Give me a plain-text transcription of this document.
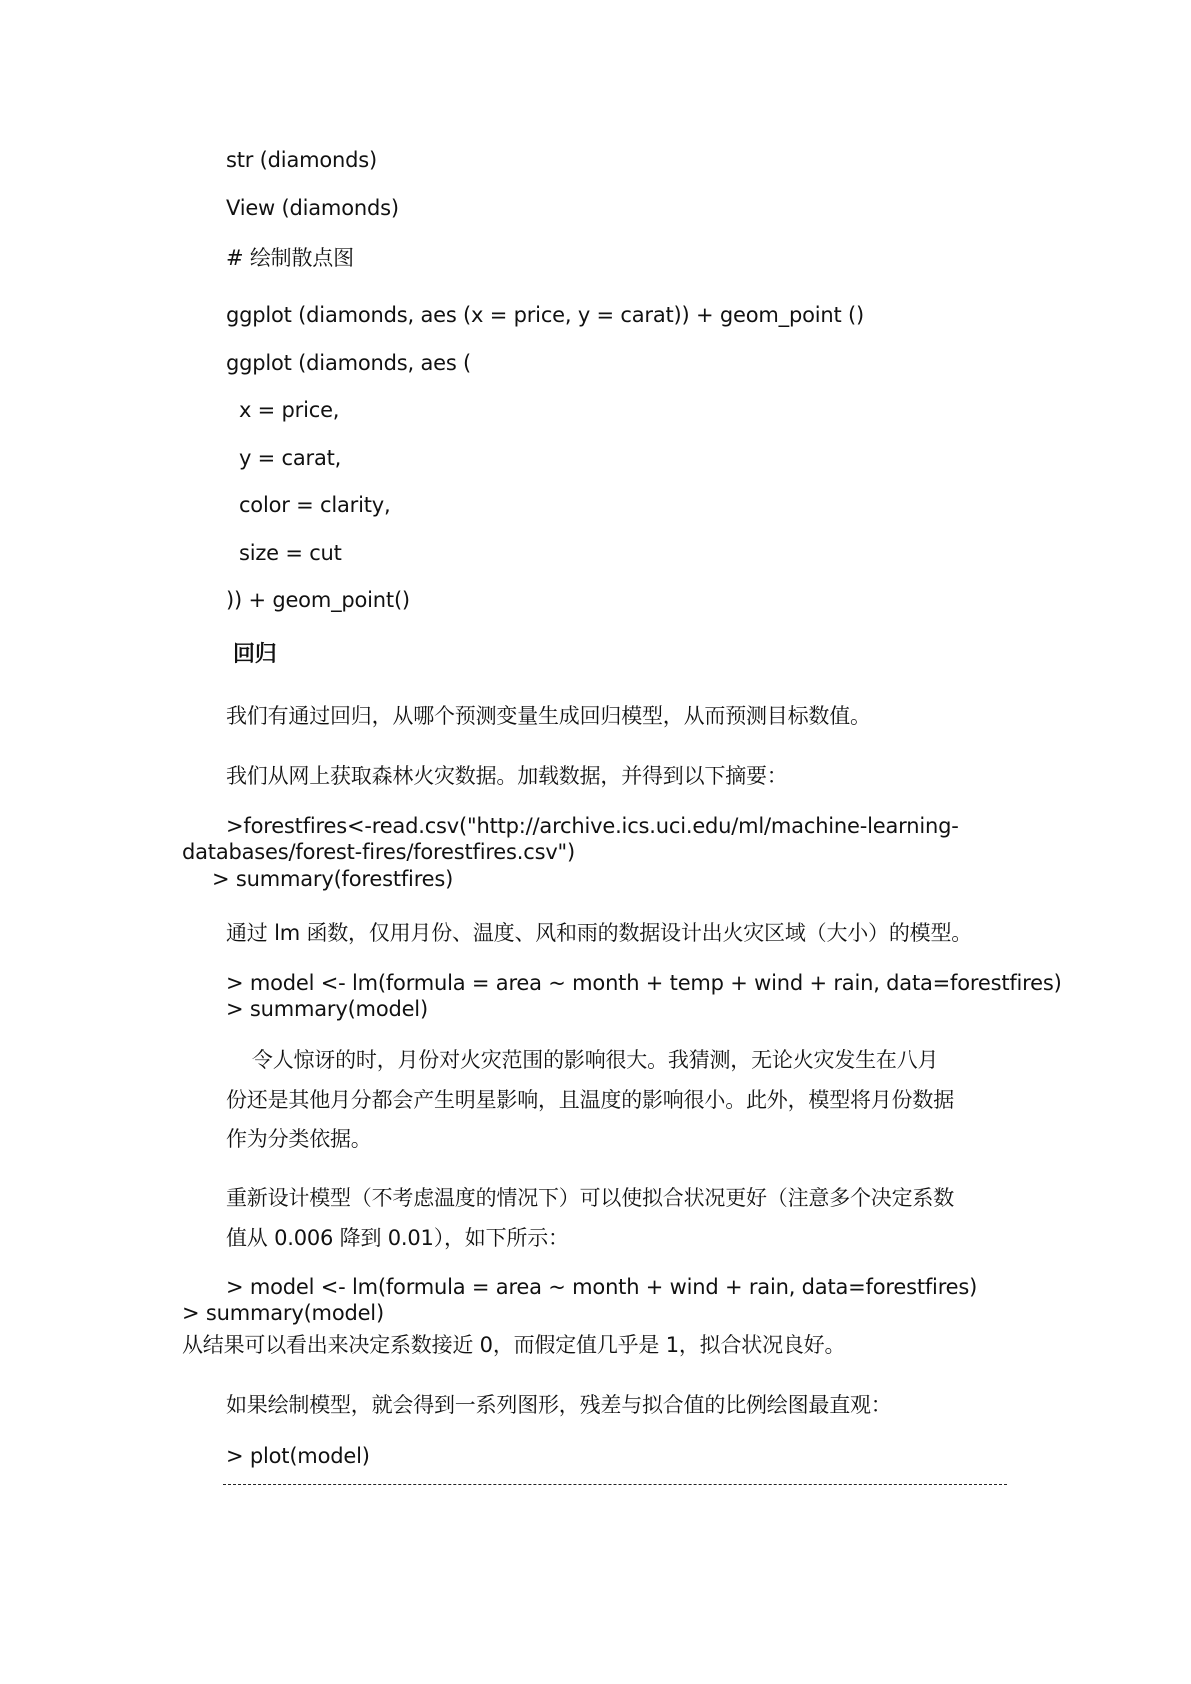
str (diamonds)
View (diamonds)
# 绘制散点图
ggplot (diamonds, aes (x = price, y = carat)) + geom_point ()
ggplot (diamonds, aes (
x = price,
y = carat,
color = clarity,
size = cut
)) + geom_point()
回归
我们有通过回归，从哪个预测变量生成回归模型，从而预测目标数值。
我们从网上获取森林火灾数据。加载数据，并得到以下摘要：
>forestfires<-read.csv("http://archive.ics.uci.edu/ml/machine-learning-
databases/forest-fires/forestfires.csv")
> summary(forestfires)
通过 lm 函数，仅用月份、温度、风和雨的数据设计出火灾区域（大小）的模型。
> model <- lm(formula = area ~ month + temp + wind + rain, data=forestfires)
> summary(model)
令人惊讶的时，月份对火灾范围的影响很大。我猜测，无论火灾发生在八月
份还是其他月分都会产生明星影响，且温度的影响很小。此外，模型将月份数据
作为分类依据。
重新设计模型（不考虑温度的情况下）可以使拟合状况更好（注意多个决定系数
值从 0.006 降到 0.01），如下所示：
> model <- lm(formula = area ~ month + wind + rain, data=forestfires)
> summary(model)
从结果可以看出来决定系数接近 0，而假定值几乎是 1，拟合状况良好。
如果绘制模型，就会得到一系列图形，残差与拟合值的比例绘图最直观：
> plot(model)
